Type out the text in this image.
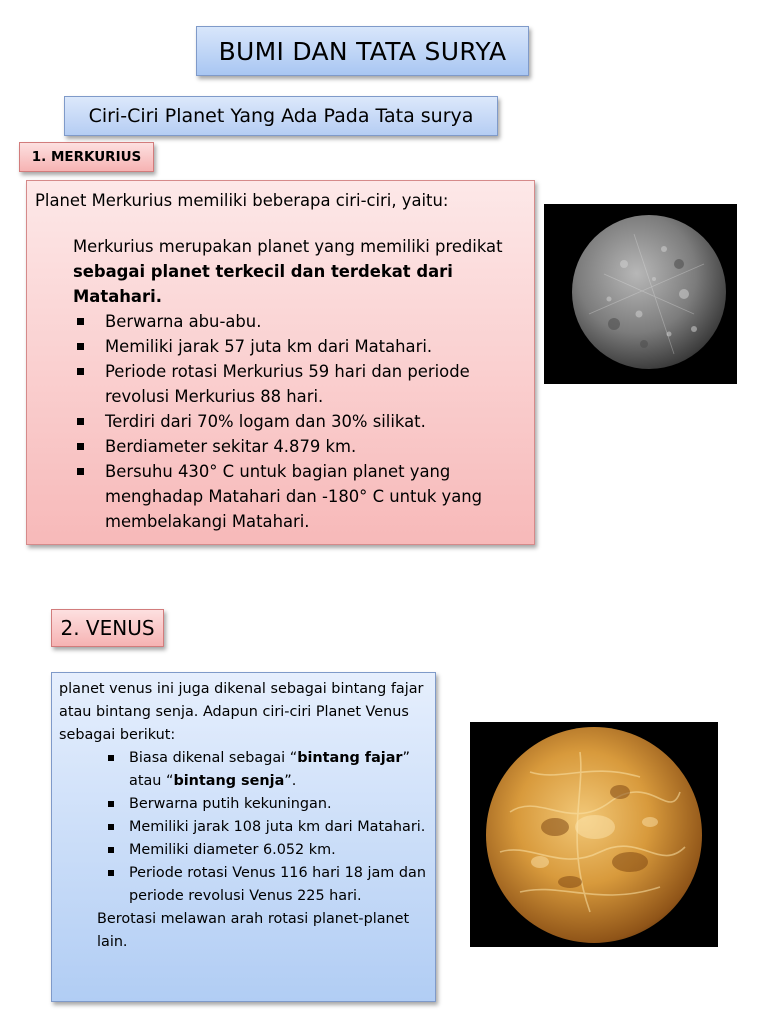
BUMI DAN TATA SURYA
Ciri-Ciri Planet Yang Ada Pada Tata surya
1. MERKURIUS

Planet Merkurius memiliki beberapa ciri-ciri, yaitu:

Merkurius merupakan planet yang memiliki predikat sebagai planet terkecil dan terdekat dari Matahari.

Berwarna abu-abu.
Memiliki jarak 57 juta km dari Matahari.
Periode rotasi Merkurius 59 hari dan periode revolusi Merkurius 88 hari.
Terdiri dari 70% logam dan 30% silikat.
Berdiameter sekitar 4.879 km.
Bersuhu 430° C untuk bagian planet yang menghadap Matahari dan -180° C untuk yang membelakangi Matahari.
2. VENUS

planet venus ini juga dikenal sebagai bintang fajar atau bintang senja. Adapun ciri-ciri Planet Venus sebagai berikut:

Biasa dikenal sebagai “bintang fajar” atau “bintang senja”.
Berwarna putih kekuningan.
Memiliki jarak 108 juta km dari Matahari.
Memiliki diameter 6.052 km.
Periode rotasi Venus 116 hari 18 jam dan periode revolusi Venus 225 hari.

Berotasi melawan arah rotasi planet-planet lain.
